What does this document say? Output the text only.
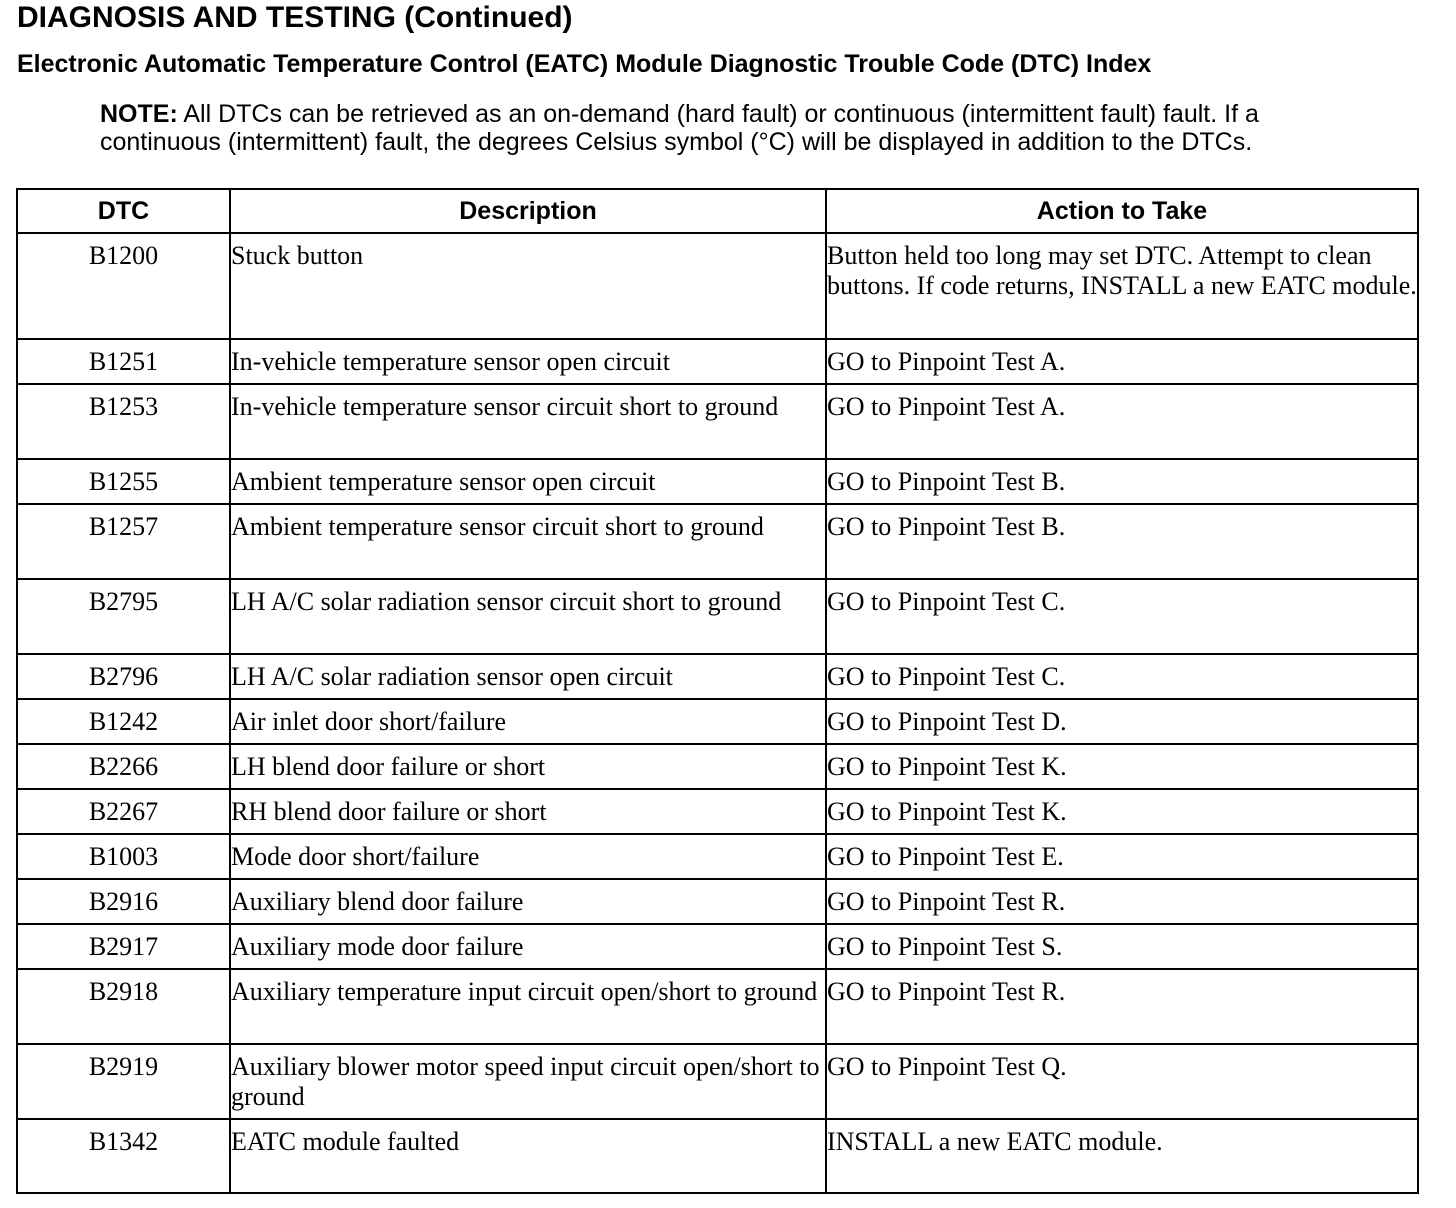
DIAGNOSIS AND TESTING (Continued)
Electronic Automatic Temperature Control (EATC) Module Diagnostic Trouble Code (DTC) Index
NOTE: All DTCs can be retrieved as an on-demand (hard fault) or continuous (intermittent fault) fault. If a continuous (intermittent) fault, the degrees Celsius symbol (°C) will be displayed in addition to the DTCs.
DTC	Description	Action to Take
B1200	Stuck button	Button held too long may set DTC. Attempt to clean buttons. If code returns, INSTALL a new EATC module.
B1251	In-vehicle temperature sensor open circuit	GO to Pinpoint Test A.
B1253	In-vehicle temperature sensor circuit short to ground	GO to Pinpoint Test A.
B1255	Ambient temperature sensor open circuit	GO to Pinpoint Test B.
B1257	Ambient temperature sensor circuit short to ground	GO to Pinpoint Test B.
B2795	LH A/C solar radiation sensor circuit short to ground	GO to Pinpoint Test C.
B2796	LH A/C solar radiation sensor open circuit	GO to Pinpoint Test C.
B1242	Air inlet door short/failure	GO to Pinpoint Test D.
B2266	LH blend door failure or short	GO to Pinpoint Test K.
B2267	RH blend door failure or short	GO to Pinpoint Test K.
B1003	Mode door short/failure	GO to Pinpoint Test E.
B2916	Auxiliary blend door failure	GO to Pinpoint Test R.
B2917	Auxiliary mode door failure	GO to Pinpoint Test S.
B2918	Auxiliary temperature input circuit open/short to ground	GO to Pinpoint Test R.
B2919	Auxiliary blower motor speed input circuit open/short to ground	GO to Pinpoint Test Q.
B1342	EATC module faulted	INSTALL a new EATC module.
